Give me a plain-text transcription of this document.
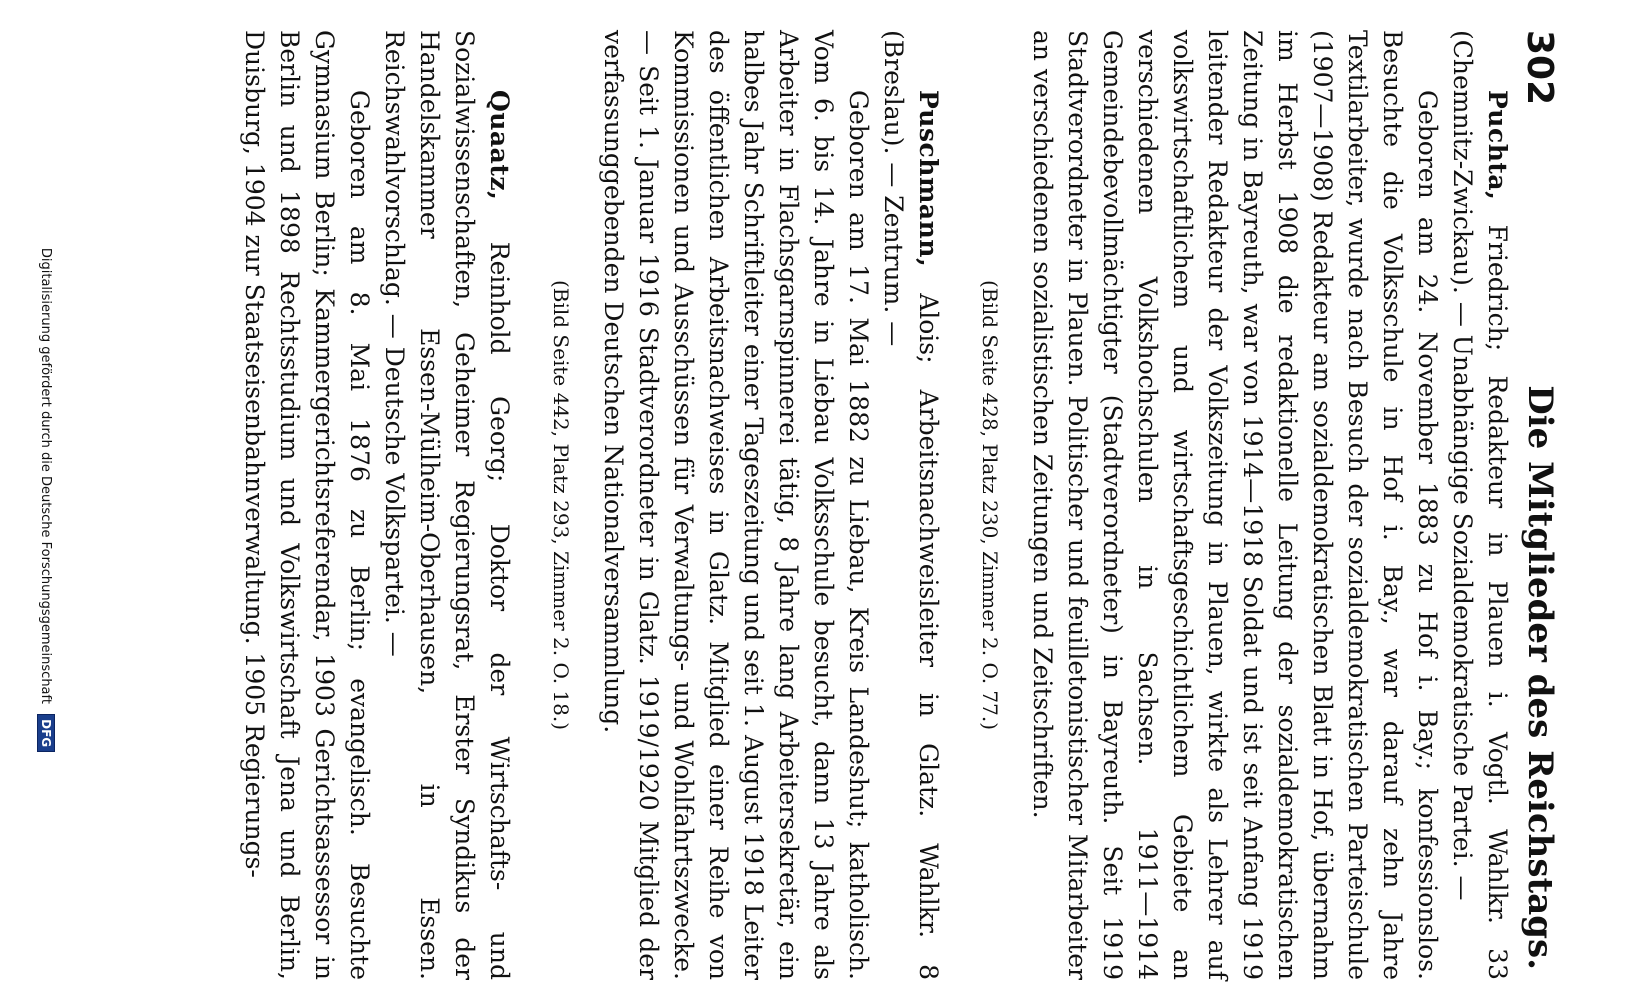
302
Die Mitglieder des Reichstags.

Puchta, Friedrich; Redakteur in Plauen i. Vogtl. Wahlkr. 33 (Chemnitz-Zwickau). — Unabhängige Sozialdemokratische Partei. —

Geboren am 24. November 1883 zu Hof i. Bay.; konfessionslos. Besuchte die Volksschule in Hof i. Bay., war darauf zehn Jahre Textilarbeiter, wurde nach Besuch der sozialdemokratischen Parteischule (1907—1908) Redakteur am sozialdemokratischen Blatt in Hof, übernahm im Herbst 1908 die redaktionelle Leitung der sozialdemokratischen Zeitung in Bayreuth, war von 1914—1918 Soldat und ist seit Anfang 1919 leitender Redakteur der Volkszeitung in Plauen, wirkte als Lehrer auf volkswirtschaftlichem und wirtschaftsgeschichtlichem Gebiete an verschiedenen Volkshochschulen in Sachsen. 1911—1914 Gemeindebevollmächtigter (Stadtverordneter) in Bayreuth. Seit 1919 Stadtverordneter in Plauen. Politischer und feuilletonistischer Mitarbeiter an verschiedenen sozialistischen Zeitungen und Zeitschriften.

(Bild Seite 428, Platz 230, Zimmer 2. O. 77.)

Puschmann, Alois; Arbeitsnachweisleiter in Glatz. Wahlkr. 8 (Breslau). — Zentrum. —

Geboren am 17. Mai 1882 zu Liebau, Kreis Landeshut; katholisch. Vom 6. bis 14. Jahre in Liebau Volksschule besucht, dann 13 Jahre als Arbeiter in Flachsgarnspinnerei tätig, 8 Jahre lang Arbeitersekretär, ein halbes Jahr Schriftleiter einer Tageszeitung und seit 1. August 1918 Leiter des öffentlichen Arbeitsnachweises in Glatz. Mitglied einer Reihe von Kommissionen und Ausschüssen für Verwaltungs- und Wohlfahrtszwecke. — Seit 1. Januar 1916 Stadtverordneter in Glatz. 1919/1920 Mitglied der verfassunggebenden Deutschen Nationalversammlung.

(Bild Seite 442, Platz 293, Zimmer 2. O. 18.)

Quaatz, Reinhold Georg; Doktor der Wirtschafts- und Sozialwissenschaften, Geheimer Regierungsrat, Erster Syndikus der Handelskammer Essen-Mülheim-Oberhausen, in Essen. Reichswahlvorschlag. — Deutsche Volkspartei. —

Geboren am 8. Mai 1876 zu Berlin; evangelisch. Besuchte Gymnasium Berlin; Kammergerichtsreferendar, 1903 Gerichtsassessor in Berlin und 1898 Rechtsstudium und Volkswirtschaft Jena und Berlin, Duisburg, 1904 zur Staatseisenbahnverwaltung. 1905 Regierungs-

Digitalisierung gefördert durch die Deutsche Forschungsgemeinschaft DFG
